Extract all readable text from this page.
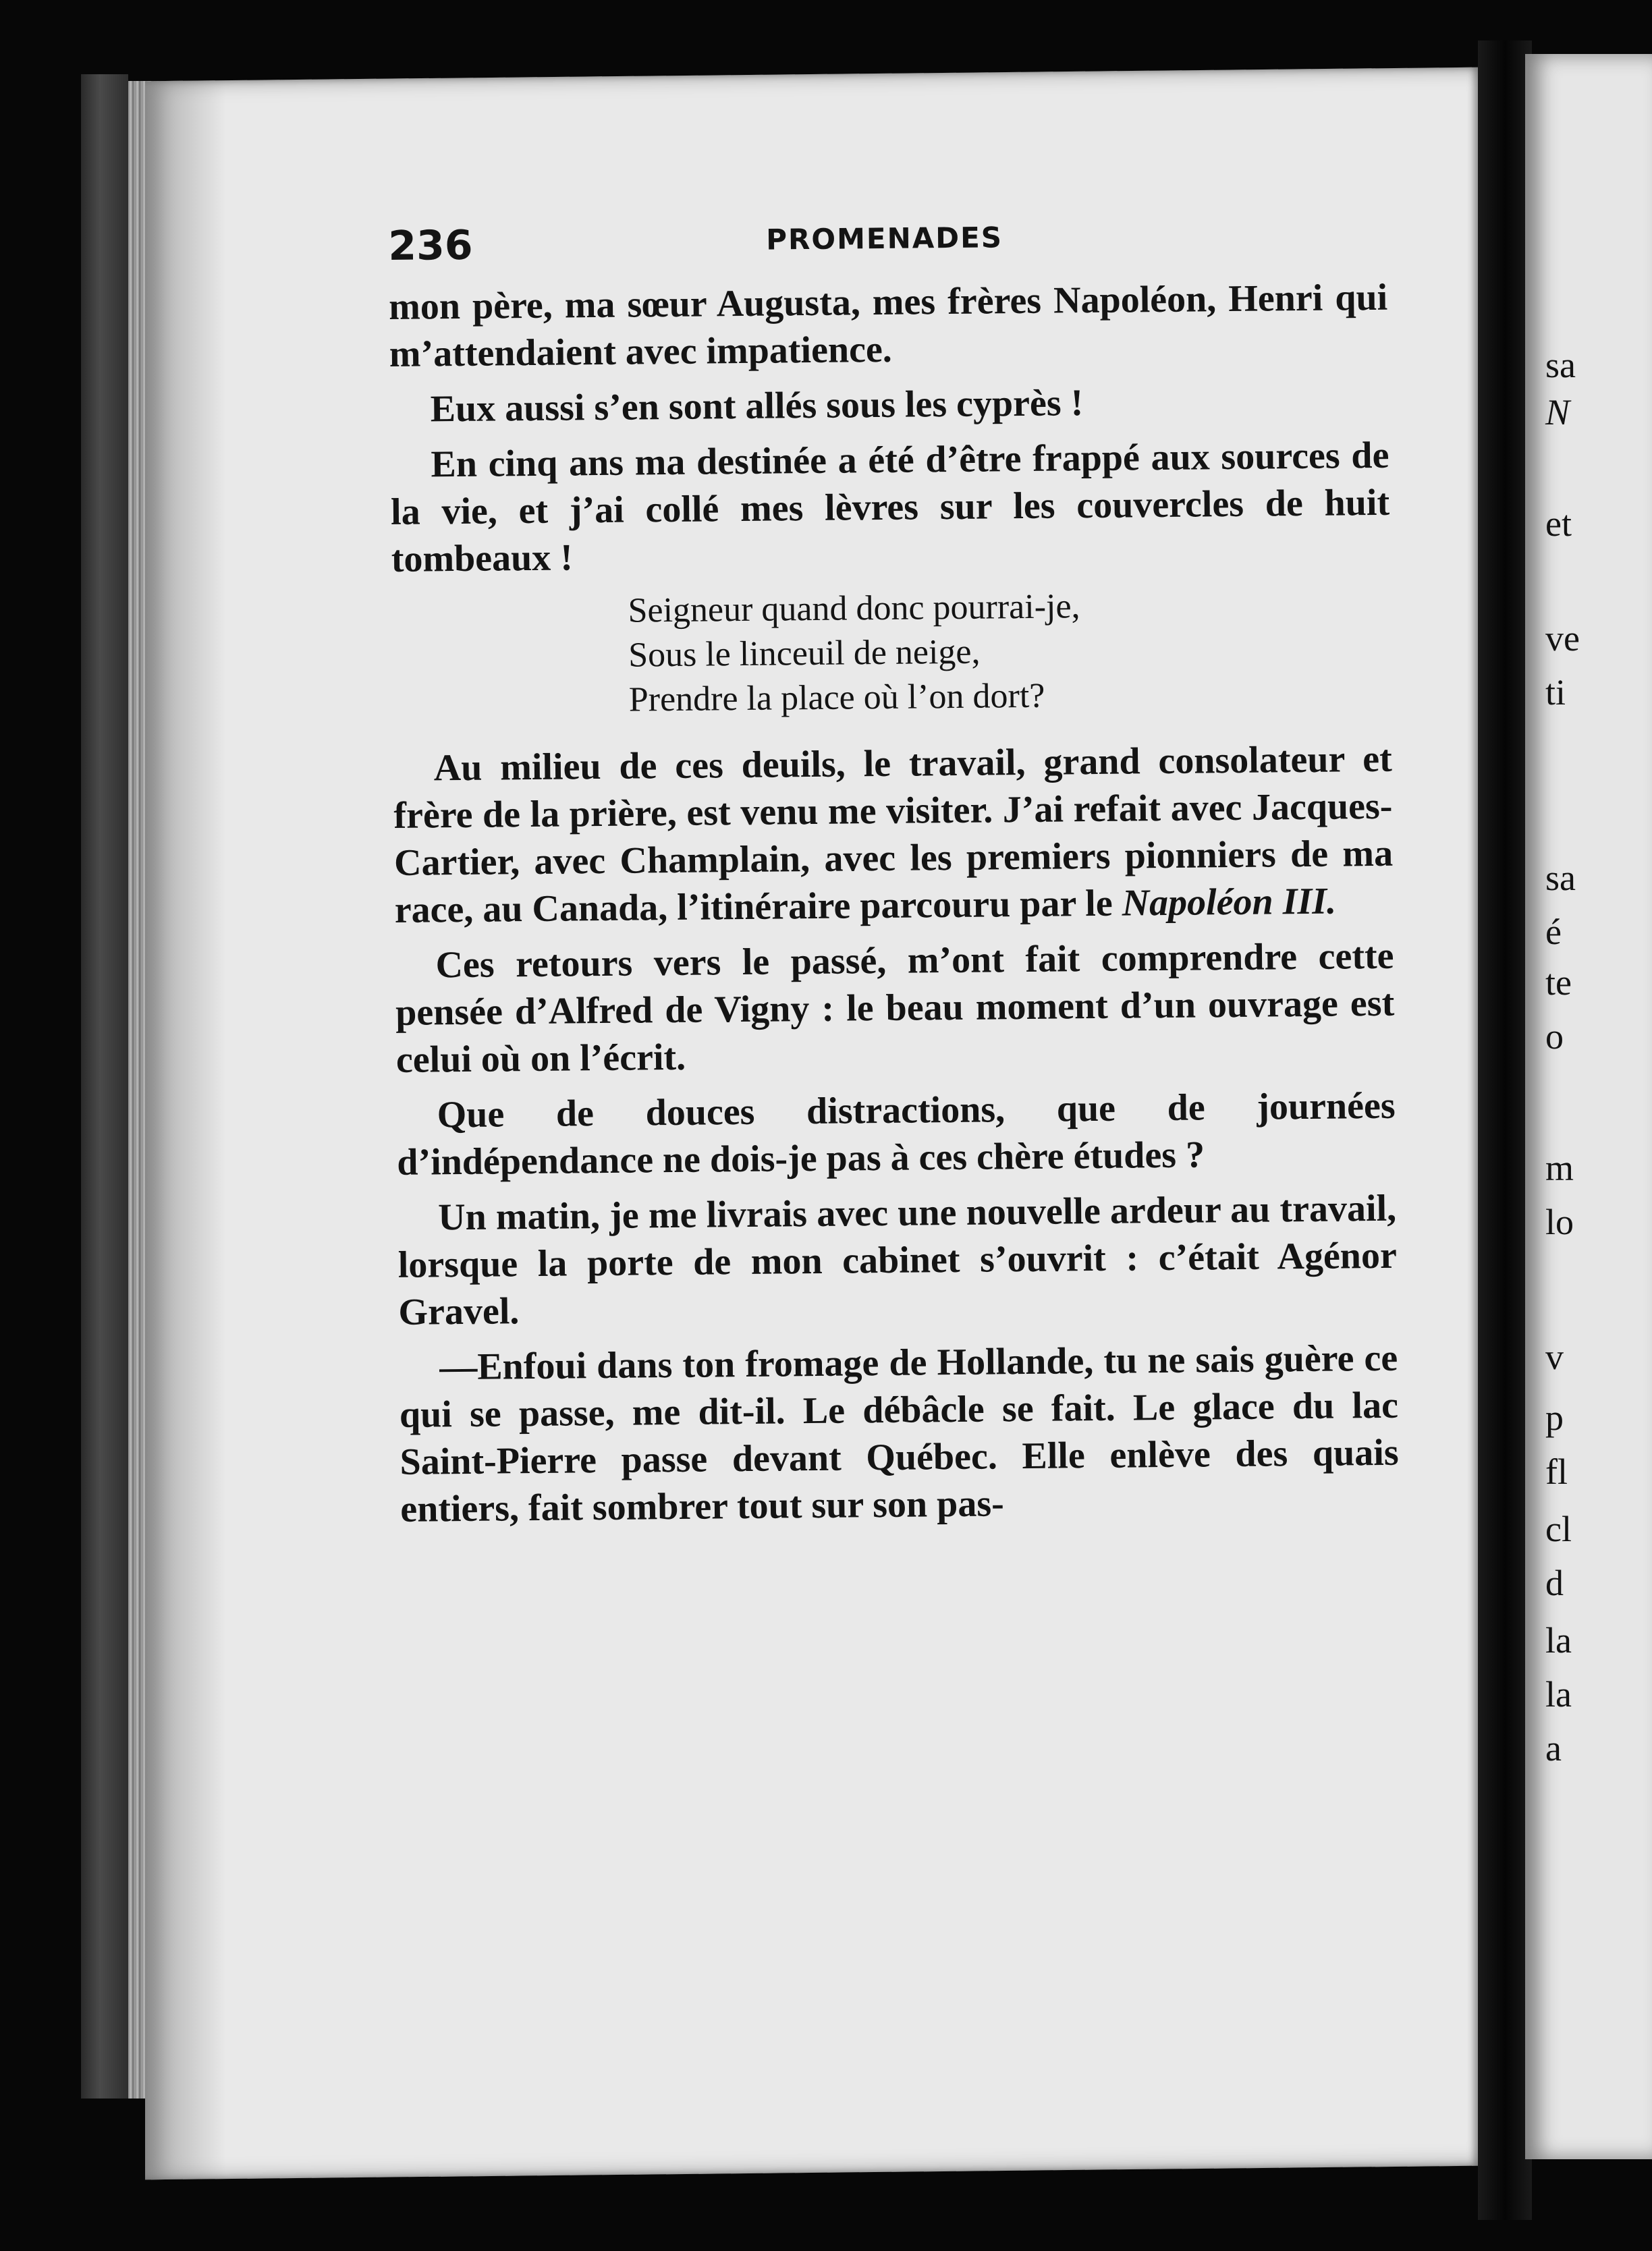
sa
N
et
ve
ti
sa
é
te
o
m
lo
v
p
fl
cl
d
la
la
a
236	PROMENADES

mon père, ma sœur Augusta, mes frères Napoléon, Henri qui m’attendaient avec impatience.

Eux aussi s’en sont allés sous les cyprès !

En cinq ans ma destinée a été d’être frappé aux sources de la vie, et j’ai collé mes lèvres sur les couvercles de huit tombeaux !

Seigneur quand donc pourrai-je,
Sous le linceuil de neige,
Prendre la place où l’on dort?

Au milieu de ces deuils, le travail, grand consolateur et frère de la prière, est venu me visiter. J’ai refait avec Jacques-Cartier, avec Champlain, avec les premiers pionniers de ma race, au Canada, l’itinéraire parcouru par le Napoléon III.

Ces retours vers le passé, m’ont fait comprendre cette pensée d’Alfred de Vigny : le beau moment d’un ouvrage est celui où on l’écrit.

Que de douces distractions, que de journées d’indépendance ne dois-je pas à ces chère études ?

Un matin, je me livrais avec une nouvelle ardeur au travail, lorsque la porte de mon cabinet s’ouvrit : c’était Agénor Gravel.

—Enfoui dans ton fromage de Hollande, tu ne sais guère ce qui se passe, me dit-il. Le débâcle se fait. Le glace du lac Saint-Pierre passe devant Québec. Elle enlève des quais entiers, fait sombrer tout sur son pas-
